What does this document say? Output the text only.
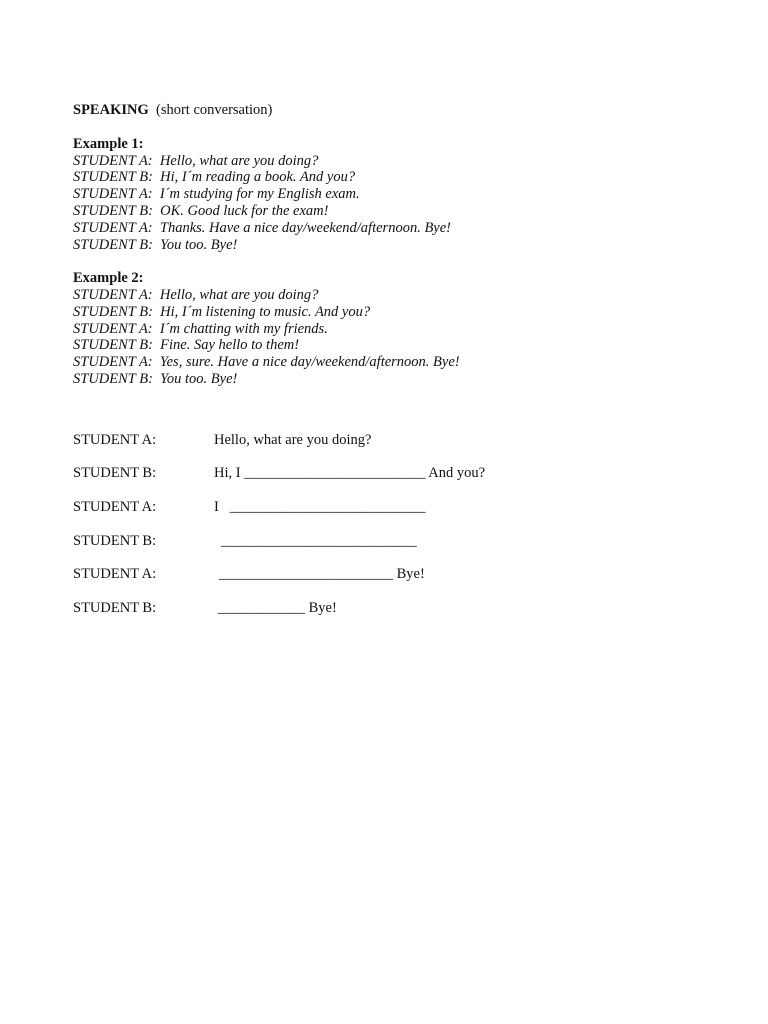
SPEAKING (short conversation)
Example 1:
STUDENT A: Hello, what are you doing?
STUDENT B: Hi, I´m reading a book. And you?
STUDENT A: I´m studying for my English exam.
STUDENT B: OK. Good luck for the exam!
STUDENT A: Thanks. Have a nice day/weekend/afternoon. Bye!
STUDENT B: You too. Bye!
Example 2:
STUDENT A: Hello, what are you doing?
STUDENT B: Hi, I´m listening to music. And you?
STUDENT A: I´m chatting with my friends.
STUDENT B: Fine. Say hello to them!
STUDENT A: Yes, sure. Have a nice day/weekend/afternoon. Bye!
STUDENT B: You too. Bye!

STUDENT A:

	Hello, what are you doing?

STUDENT B:

	Hi, I _________________________ And you?

STUDENT A:

	I   ___________________________

STUDENT B:

	___________________________

STUDENT A:

	________________________ Bye!

STUDENT B:

	____________ Bye!
